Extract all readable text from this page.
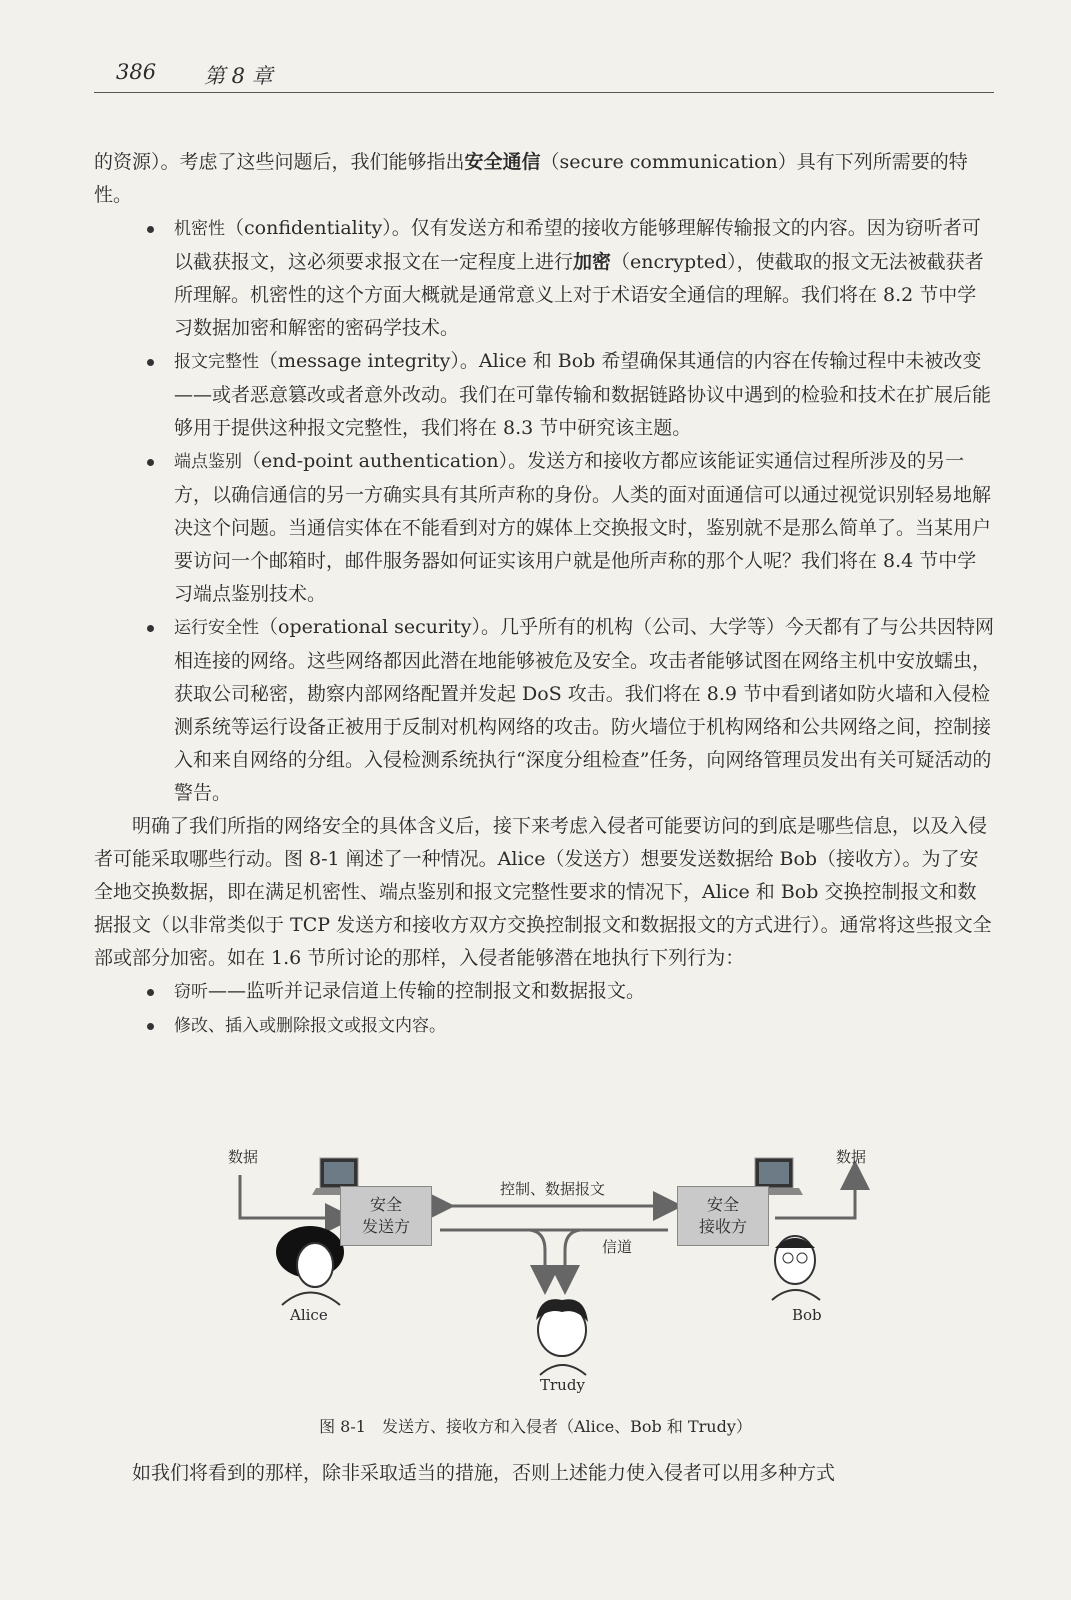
386 第 8 章

的资源）。考虑了这些问题后，我们能够指出安全通信（secure communication）具有下列所需要的特性。

机密性（confidentiality）。仅有发送方和希望的接收方能够理解传输报文的内容。因为窃听者可以截获报文，这必须要求报文在一定程度上进行加密（encrypted），使截取的报文无法被截获者所理解。机密性的这个方面大概就是通常意义上对于术语安全通信的理解。我们将在 8.2 节中学习数据加密和解密的密码学技术。
报文完整性（message integrity）。Alice 和 Bob 希望确保其通信的内容在传输过程中未被改变——或者恶意篡改或者意外改动。我们在可靠传输和数据链路协议中遇到的检验和技术在扩展后能够用于提供这种报文完整性，我们将在 8.3 节中研究该主题。
端点鉴别（end-point authentication）。发送方和接收方都应该能证实通信过程所涉及的另一方，以确信通信的另一方确实具有其所声称的身份。人类的面对面通信可以通过视觉识别轻易地解决这个问题。当通信实体在不能看到对方的媒体上交换报文时，鉴别就不是那么简单了。当某用户要访问一个邮箱时，邮件服务器如何证实该用户就是他所声称的那个人呢？我们将在 8.4 节中学习端点鉴别技术。
运行安全性（operational security）。几乎所有的机构（公司、大学等）今天都有了与公共因特网相连接的网络。这些网络都因此潜在地能够被危及安全。攻击者能够试图在网络主机中安放蠕虫，获取公司秘密，勘察内部网络配置并发起 DoS 攻击。我们将在 8.9 节中看到诸如防火墙和入侵检测系统等运行设备正被用于反制对机构网络的攻击。防火墙位于机构网络和公共网络之间，控制接入和来自网络的分组。入侵检测系统执行“深度分组检查”任务，向网络管理员发出有关可疑活动的警告。

明确了我们所指的网络安全的具体含义后，接下来考虑入侵者可能要访问的到底是哪些信息，以及入侵者可能采取哪些行动。图 8-1 阐述了一种情况。Alice（发送方）想要发送数据给 Bob（接收方）。为了安全地交换数据，即在满足机密性、端点鉴别和报文完整性要求的情况下，Alice 和 Bob 交换控制报文和数据报文（以非常类似于 TCP 发送方和接收方双方交换控制报文和数据报文的方式进行）。通常将这些报文全部或部分加密。如在 1.6 节所讨论的那样，入侵者能够潜在地执行下列行为：

窃听——监听并记录信道上传输的控制报文和数据报文。
修改、插入或删除报文或报文内容。
数据	数据
控制、数据报文
信道
安全
发送方
安全
接收方
Alice	Bob
Trudy
图 8-1　发送方、接收方和入侵者（Alice、Bob 和 Trudy）

如我们将看到的那样，除非采取适当的措施，否则上述能力使入侵者可以用多种方式
